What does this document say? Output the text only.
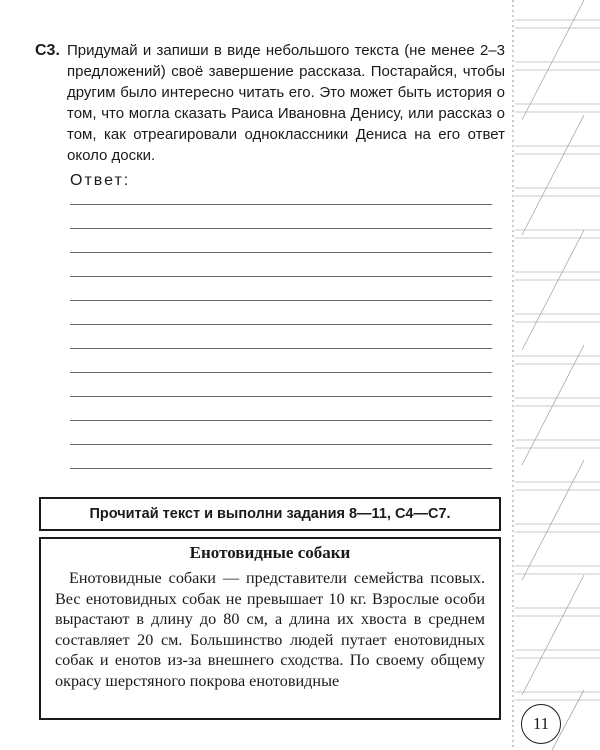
С3. Придумай и запиши в виде небольшого текста (не менее 2–3 предложений) своё завершение рассказа. Постарайся, чтобы другим было интересно читать его. Это может быть история о том, что могла сказать Раиса Ивановна Денису, или рассказ о том, как отреагировали одноклассники Дениса на его ответ около доски.
Ответ:
Прочитай текст и выполни задания 8—11, С4—С7.
Енотовидные собаки

Енотовидные собаки — представители семейства псовых. Вес енотовидных собак не превышает 10 кг. Взрослые особи вырастают в длину до 80 см, а длина их хвоста в среднем составляет 20 см. Большинство людей путает енотовидных собак и енотов из-за внешнего сходства. По своему общему окрасу шерстяного покрова енотовидные

11
